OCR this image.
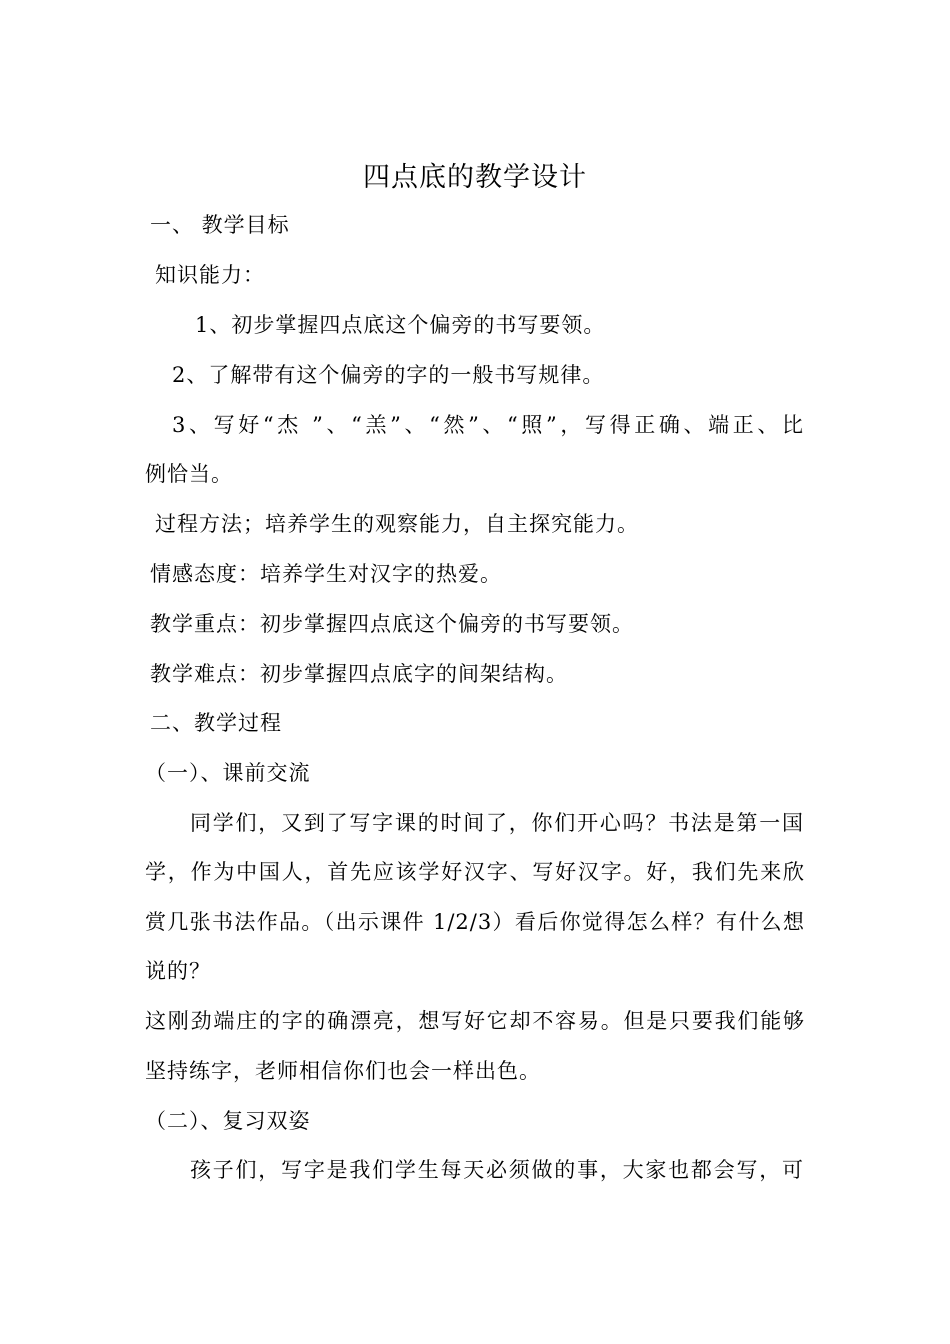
四点底的教学设计
一、 教学目标
知识能力：
1、初步掌握四点底这个偏旁的书写要领。
2、了解带有这个偏旁的字的一般书写规律。
3、写好“杰 ”、“羔”、“然”、“照”，写得正确、端正、比
例恰当。
过程方法；培养学生的观察能力，自主探究能力。
情感态度：培养学生对汉字的热爱。
教学重点：初步掌握四点底这个偏旁的书写要领。
教学难点：初步掌握四点底字的间架结构。
二、教学过程
（一）、课前交流
同学们，又到了写字课的时间了，你们开心吗？书法是第一国
学，作为中国人，首先应该学好汉字、写好汉字。好，我们先来欣
赏几张书法作品。（出示课件 1/2/3）看后你觉得怎么样？有什么想
说的？
这刚劲端庄的字的确漂亮，想写好它却不容易。但是只要我们能够
坚持练字，老师相信你们也会一样出色。
（二）、复习双姿
孩子们，写字是我们学生每天必须做的事，大家也都会写，可
